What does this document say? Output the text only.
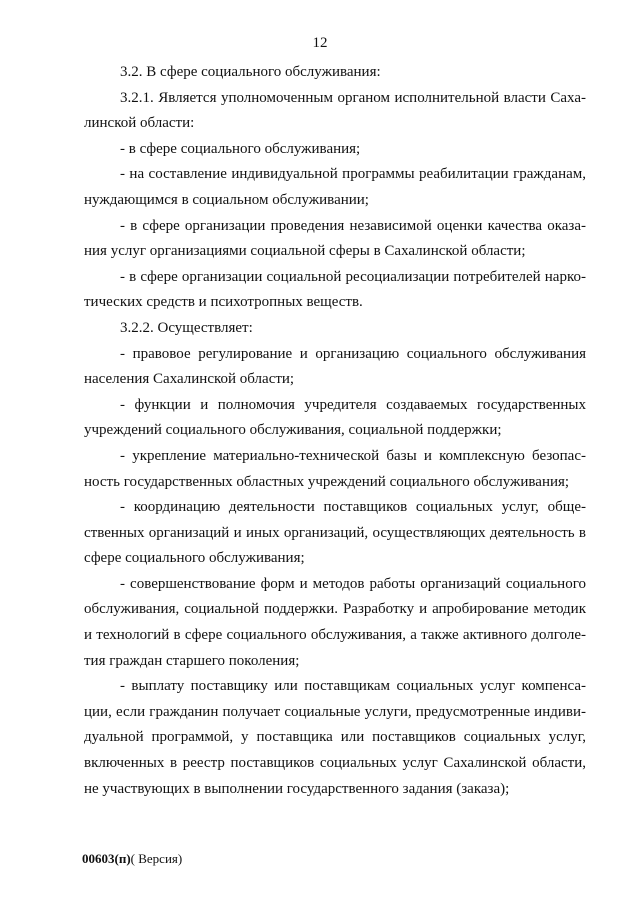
12
3.2. В сфере социального обслуживания:
3.2.1. Является уполномоченным органом исполнительной власти Саха-
линской области:
- в сфере социального обслуживания;
- на составление индивидуальной программы реабилитации гражданам,
нуждающимся в социальном обслуживании;
- в сфере организации проведения независимой оценки качества оказа-
ния услуг организациями социальной сферы в Сахалинской области;
- в сфере организации социальной ресоциализации потребителей нарко-
тических средств и психотропных веществ.
3.2.2. Осуществляет:
- правовое регулирование и организацию социального обслуживания
населения Сахалинской области;
- функции и полномочия учредителя создаваемых государственных
учреждений социального обслуживания, социальной поддержки;
- укрепление материально-технической базы и комплексную безопас-
ность государственных областных учреждений социального обслуживания;
- координацию деятельности поставщиков социальных услуг, обще-
ственных организаций и иных организаций, осуществляющих деятельность в
сфере социального обслуживания;
- совершенствование форм и методов работы организаций социального
обслуживания, социальной поддержки. Разработку и апробирование методик
и технологий в сфере социального обслуживания, а также активного долголе-
тия граждан старшего поколения;
- выплату поставщику или поставщикам социальных услуг компенса-
ции, если гражданин получает социальные услуги, предусмотренные индиви-
дуальной программой, у поставщика или поставщиков социальных услуг,
включенных в реестр поставщиков социальных услуг Сахалинской области,
не участвующих в выполнении государственного задания (заказа);
00603(п)( Версия)
